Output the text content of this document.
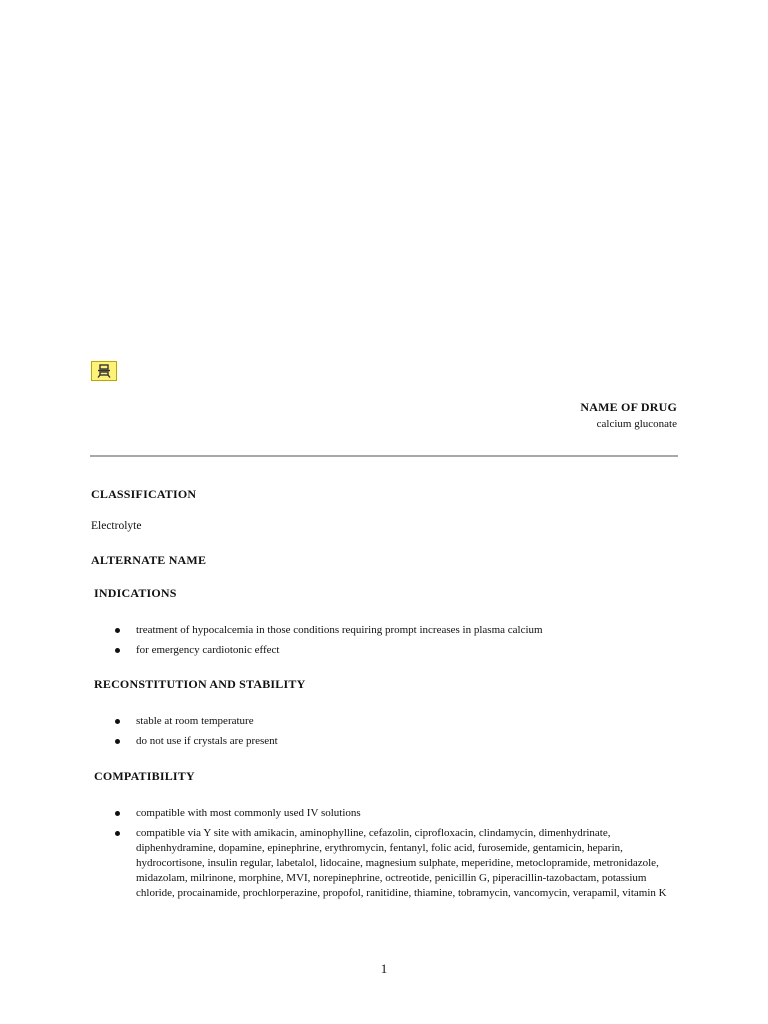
NAME OF DRUG
calcium gluconate
CLASSIFICATION
Electrolyte
ALTERNATE NAME
INDICATIONS
treatment of hypocalcemia in those conditions requiring prompt increases in plasma calcium
for emergency cardiotonic effect
RECONSTITUTION AND STABILITY
stable at room temperature
do not use if crystals are present
COMPATIBILITY
compatible with most commonly used IV solutions
compatible via Y site with amikacin, aminophylline, cefazolin, ciprofloxacin, clindamycin, dimenhydrinate, diphenhydramine, dopamine, epinephrine, erythromycin, fentanyl, folic acid, furosemide, gentamicin, heparin, hydrocortisone, insulin regular, labetalol, lidocaine, magnesium sulphate, meperidine, metoclopramide, metronidazole, midazolam, milrinone, morphine, MVI, norepinephrine, octreotide, penicillin G, piperacillin-tazobactam, potassium chloride, procainamide, prochlorperazine, propofol, ranitidine, thiamine, tobramycin, vancomycin, verapamil, vitamin K
1
